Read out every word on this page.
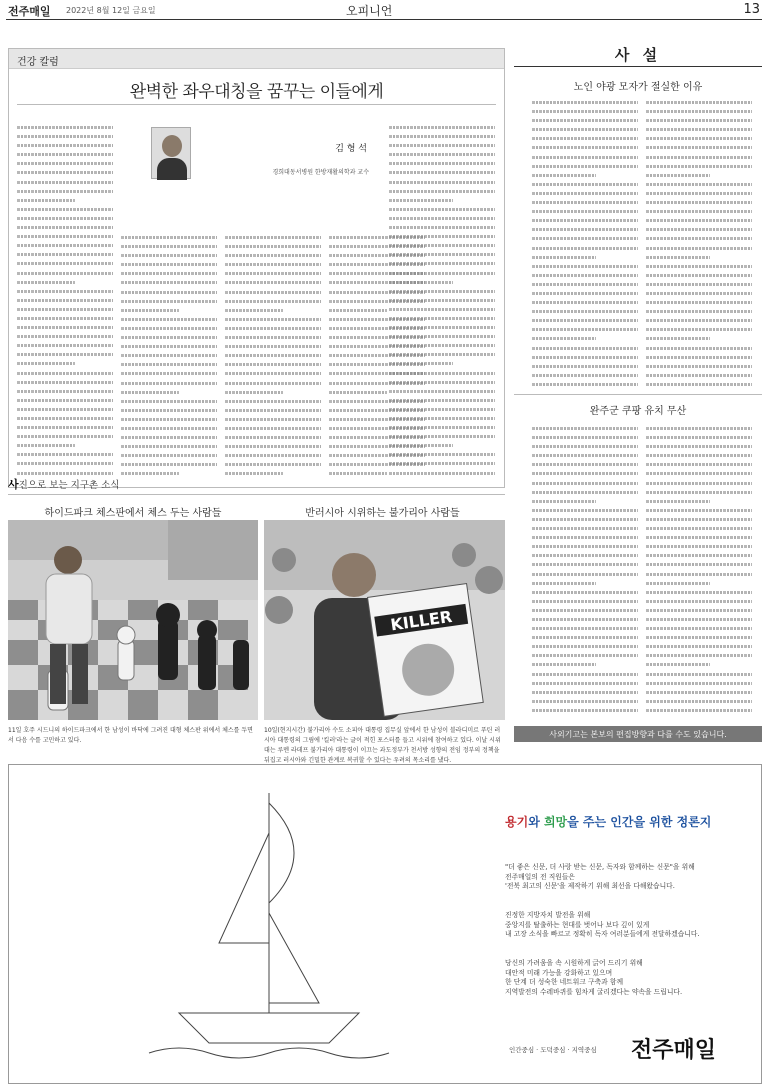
전주매일 2022년 8월 12일 금요일	오피니언	13
건강 칼럼
완벽한 좌우대칭을 꿈꾸는 이들에게
김 형 석
경희대동서병원 한방재활의학과 교수
사 설
노인 야광 모자가 절실한 이유
완주군 쿠팡 유치 무산
사외기고는 본보의 편집방향과 다를 수도 있습니다.
사진으로 보는 지구촌 소식
하이드파크 체스판에서 체스 두는 사람들
11일 호주 시드니의 하이드파크에서 한 남성이 바닥에 그려진 대형 체스판 위에서 체스를 두면서 다음 수를 고민하고 있다.
반러시아 시위하는 불가리아 사람들
KILLER
10일(현지시간) 불가리아 수도 소피아 대통령 집무실 앞에서 한 남성이 블라디미르 푸틴 러시아 대통령의 그림에 '킬러'라는 글이 적힌 포스터를 들고 시위에 참여하고 있다. 이날 시위대는 루멘 라데프 불가리아 대통령이 이끄는 과도정부가 천서방 성향의 전임 정부의 정책을 뒤집고 러시아와 긴밀한 관계로 복귀할 수 있다는 우려의 목소리를 냈다.
용기와 희망을 주는 인간을 위한 정론지
"더 좋은 신문, 더 사랑 받는 신문, 독자와 함께하는 신문"을 위해
전주매일의 전 직원들은
'전북 최고의 신문'을 제작하기 위해 최선을 다해왔습니다.
진정한 지방자치 발전을 위해
중앙지를 탈출하는 현대를 벗어나 보다 깊이 있게
내 고장 소식을 빠르고 정확히 독자 여러분들에게 전달하겠습니다.
당신의 가려움을 속 시원하게 긁어 드리기 위해
대안적 미래 가능을 강화하고 있으며
한 단계 더 성숙한 네트워크 구축과 함께
지역발전의 수레바퀴를 힘차게 굴리겠다는 약속을 드립니다.
인간중심 · 도덕중심 · 지역중심 전주매일
